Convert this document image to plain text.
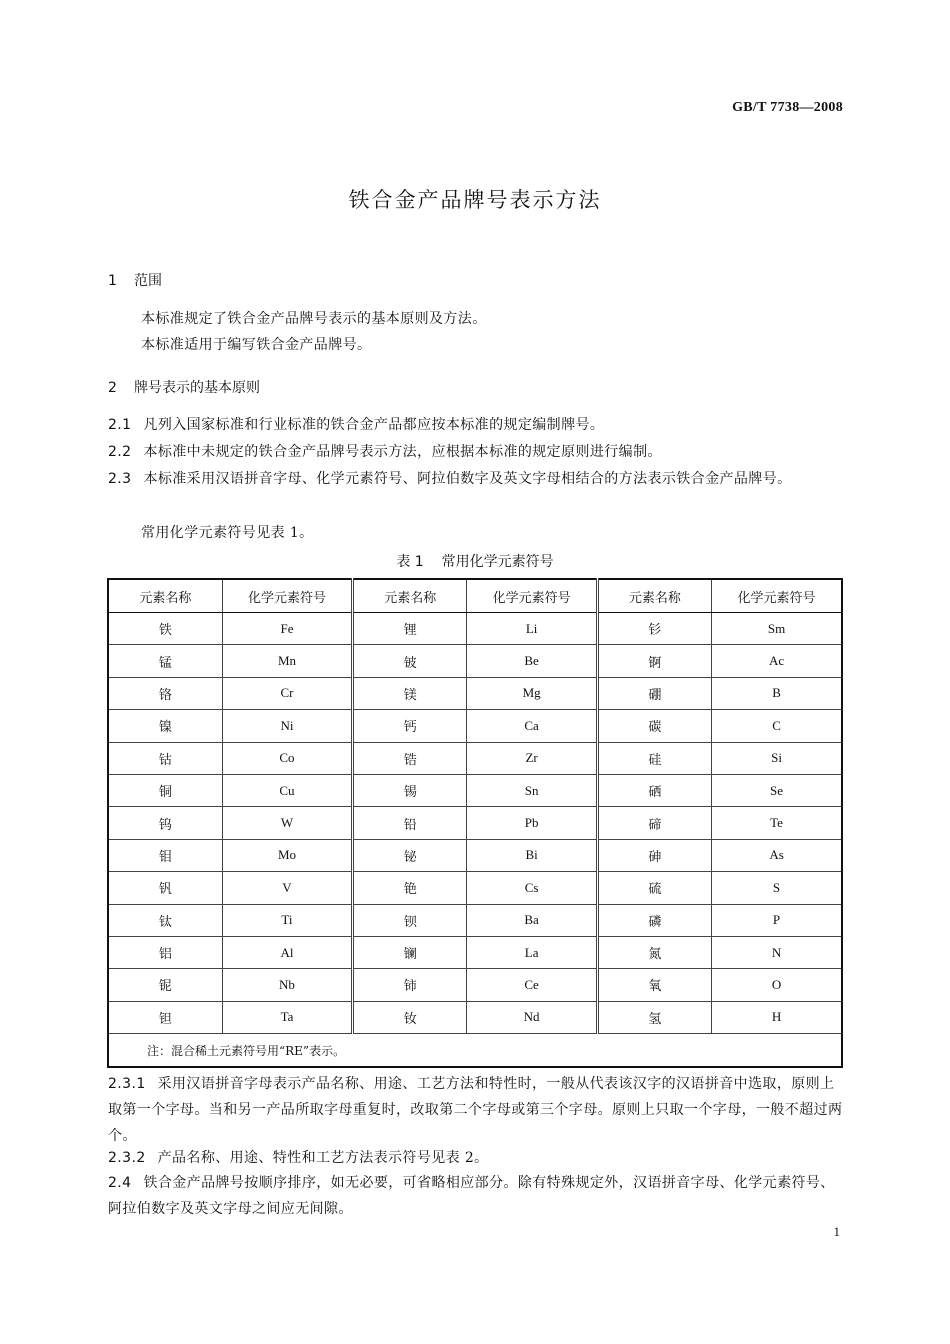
GB/T 7738—2008
铁合金产品牌号表示方法
1 范围
本标准规定了铁合金产品牌号表示的基本原则及方法。
本标准适用于编写铁合金产品牌号。
2 牌号表示的基本原则
2.1 凡列入国家标准和行业标准的铁合金产品都应按本标准的规定编制牌号。
2.2 本标准中未规定的铁合金产品牌号表示方法，应根据本标准的规定原则进行编制。
2.3 本标准采用汉语拼音字母、化学元素符号、阿拉伯数字及英文字母相结合的方法表示铁合金产品牌号。
常用化学元素符号见表 1。
表 1 常用化学元素符号
元素名称	化学元素符号	元素名称	化学元素符号	元素名称	化学元素符号
铁	Fe	锂	Li	钐	Sm
锰	Mn	铍	Be	锕	Ac
铬	Cr	镁	Mg	硼	B
镍	Ni	钙	Ca	碳	C
钴	Co	锆	Zr	硅	Si
铜	Cu	锡	Sn	硒	Se
钨	W	铅	Pb	碲	Te
钼	Mo	铋	Bi	砷	As
钒	V	铯	Cs	硫	S
钛	Ti	钡	Ba	磷	P
铝	Al	镧	La	氮	N
铌	Nb	铈	Ce	氧	O
钽	Ta	钕	Nd	氢	H
注：混合稀土元素符号用“RE”表示。					
2.3.1 采用汉语拼音字母表示产品名称、用途、工艺方法和特性时，一般从代表该汉字的汉语拼音中选取，原则上取第一个字母。当和另一产品所取字母重复时，改取第二个字母或第三个字母。原则上只取一个字母，一般不超过两个。
2.3.2 产品名称、用途、特性和工艺方法表示符号见表 2。
2.4 铁合金产品牌号按顺序排序，如无必要，可省略相应部分。除有特殊规定外，汉语拼音字母、化学元素符号、阿拉伯数字及英文字母之间应无间隙。
1
